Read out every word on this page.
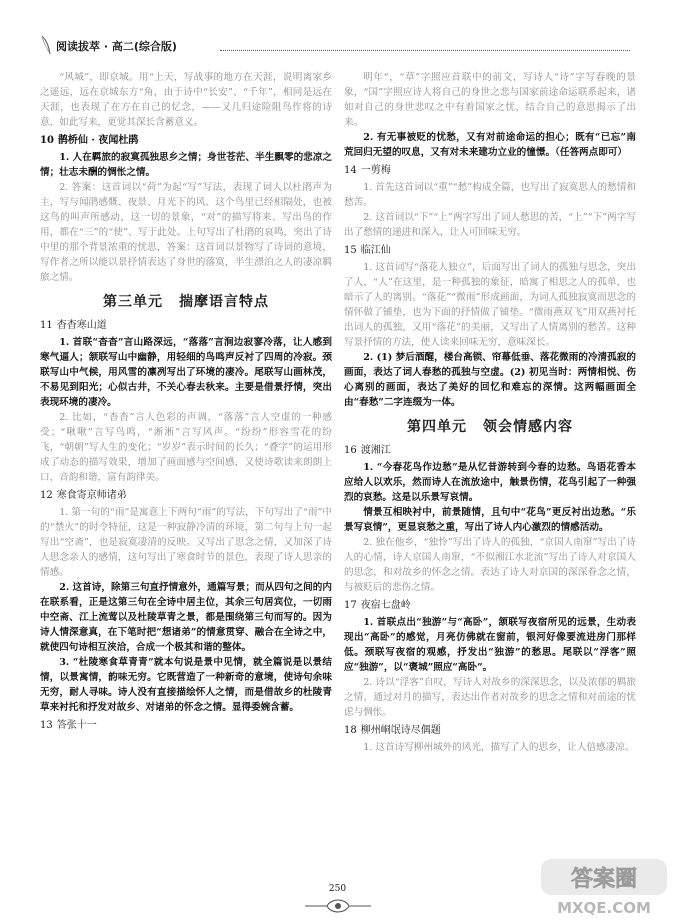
阅读拔萃 · 高二(综合版)

“风城”，即京城。用“上天，写战事的地方在天涯，说明离家乡之遥远，远在京城东方“角，由于诗中“长安”、“千年”，相同是远在天涯，也表现了在方在自己的忆念，——又几归途险阻鸟作将的诗意，如此写来，更觉其深长含蓄意义。

10 鹊桥仙 · 夜闻杜鹃

1. 人在羁旅的寂寞孤独思乡之情；身世苍茫、半生飘零的悲凉之情；壮志未酬的惆怅之情。

2. 答案：这首词以“荷”为起“写”写法，表现了词人以杜鹃声为主，写与闻鹃感慨、夜景、月光下的风、这个鸟里已经相隔处，也被这鸟的叫声所感动，这一切的景象，“对”的描写将来、写出鸟的作用，都在“三”的“使”、写于此处。上句写出了杜鹃的哀鸣，突出了诗中里的那个背景浓重的忧思，答案：这首词以景物写了诗词的意境，写作者之所以能以景抒情表达了身世的落寞，半生漂泊之人的凄凉羁旅之情。

第三单元 揣摩语言特点
11 杳杳寒山道

1. 首联“杳杳”言山路深远，“落落”言涧边寂寥冷落，让人感到寒气逼人；颔联写山中幽静，用轻细的鸟鸣声反衬了四周的冷寂。颈联写山中气候，用风雪的凛冽写出了环境的凄冷。尾联写山画林茂，不易见到阳光；心似古井，不关心春去秋来。主要是借景抒情，突出表现环境的凄冷。

2. 比如，“杳杳”言人色彩的声调，“落落”言人空虚的一种感受；“啾啾”言写鸟鸣，“淅淅”言写风声。“纷纷”形容雪花的纷飞，“朝朝”写人生的变化；“岁岁”表示时间的长久；“叠字”的运用形成了动态的描写效果，增加了画面感与空间感，又使诗歌读来朗朗上口，音韵和谐，富有韵律美。

12 寒食寄京师诸弟

1. 第一句的“雨”是寓意上下两句“雨”的写法，下句写出了“雨”中的“禁火”的时令特征，这是一种寂静冷清的环境，第二句与上句一起写出“空斋”，也是寂寞凄清的反映。又写出了思念之情，又加深了诗人思念亲人的感情，这句写出了寒食时节的景色，表现了诗人思亲的情感。

2. 这首诗，除第三句直抒情意外，通篇写景；而从四句之间的内在联系看，正是这第三句在全诗中居主位，其余三句居宾位，一切雨中空斋、江上流莺以及杜陵草青之景，都是围绕第三句而写的。因为诗人情深意真，在下笔时把“想诸弟”的情意贯穿、融合在全诗之中，就使四句诗相互浃洽，合成一个极其和谐的整体。

3. “杜陵寒食草青青”就本句说是景中见情，就全篇说是以景结情，以景寓情，韵味无穷。它既营造了一种新奇的意境，使诗句余味无穷，耐人寻味。诗人没有直接描绘怀人之情，而是借故乡的杜陵青草来衬托和抒发对故乡、对诸弟的怀念之情。显得委婉含蓄。

13 答张十一

明年“，“草”字照应首联中的前文，写诗人“诗”字写春晚的景象，“国”字照应诗人将自己的身世之悲与国家前途命运联系起来，诸如对自己的身世悲叹之中有着国家之忧，结合自己的意思揭示了出来。

2. 有无事被贬的忧愁，又有对前途命运的担心；既有“已忘”南荒回归无望的叹息，又有对未来建功立业的憧憬。（任答两点即可）

14 一剪梅

1. 首先这首词以“重”“愁”构成全篇，也写出了寂寞思人的愁情和愁苦。

2. 这首词以“下”“上”两字写出了词人愁思的苦，“上”“下”两字写出了愁情的递进和深入，让人可回味无穷。

15 临江仙

1. 这首词写“落花人独立”，后面写出了词人的孤独与思念，突出了人，“人”在这里，是一种孤独的象征，暗寓了相思之人的孤单，也暗示了人的离别。“落花”“微雨”形成画面，为词人孤独寂寞而思念的情怀做了铺垫，也为下面的抒情做了铺垫。“微雨燕双飞”用双燕衬托出词人的孤独，又用“落花”的美丽，又写出了人情离别的愁苦。这种写景抒情的方法，使人读来回味无穷，意味深长。

2. (1) 梦后酒醒，楼台高锁、帘幕低垂、落花微雨的冷清孤寂的画面，表达了词人春愁的孤独与空虚。(2) 初见当时：两情相悦、伤心离别的画面，表达了美好的回忆和难忘的深情。这两幅画面全由“春愁”二字连缀为一体。

第四单元 领会情感内容
16 渡湘江

1. “今春花鸟作边愁”是从忆昔游转到今春的边愁。鸟语花香本应给人以欢乐，然而诗人在流放途中，触景伤情，花鸟引起了一种强烈的哀愁。这是以乐景写哀情。

情景互相映衬中，前景随情，且句中“花鸟”更反衬出边愁。“乐景写哀情”，更显哀愁之重，写出了诗人内心激烈的情感活动。

2. 独在他乡，“独怜”写出了诗人的孤独，“京国人南窜”写出了诗人的心情，诗人京国人南窜，“不似湘江水北流”写出了诗人对京国人的思念，和对故乡的怀念之情。表达了诗人对京国的深深眷念之情，与被贬后的悲伤之情。

17 夜宿七盘岭

1. 首联点出“独游”与“高卧”，颔联写夜宿所见的远景，生动表现出“高卧”的感觉，月亮仿佛就在窗前，银河好像要流进房门那样低。颈联写夜宿的观感，抒发出“独游”的愁思。尾联以“浮客”照应“独游”，以“褒城”照应“高卧”。

2. 诗以“浮客”自叹，写诗人对故乡的深深思念，以及浓郁的羁旅之情，通过对月的描写，表达出作者对故乡的思念之情和对前途的忧虑与惆怅。

18 柳州峒氓诗尽偶题

1. 这首诗写柳州城外的风光，描写了人的思乡，让人倍感凄凉。

250	答案圈
MXQE.COM
